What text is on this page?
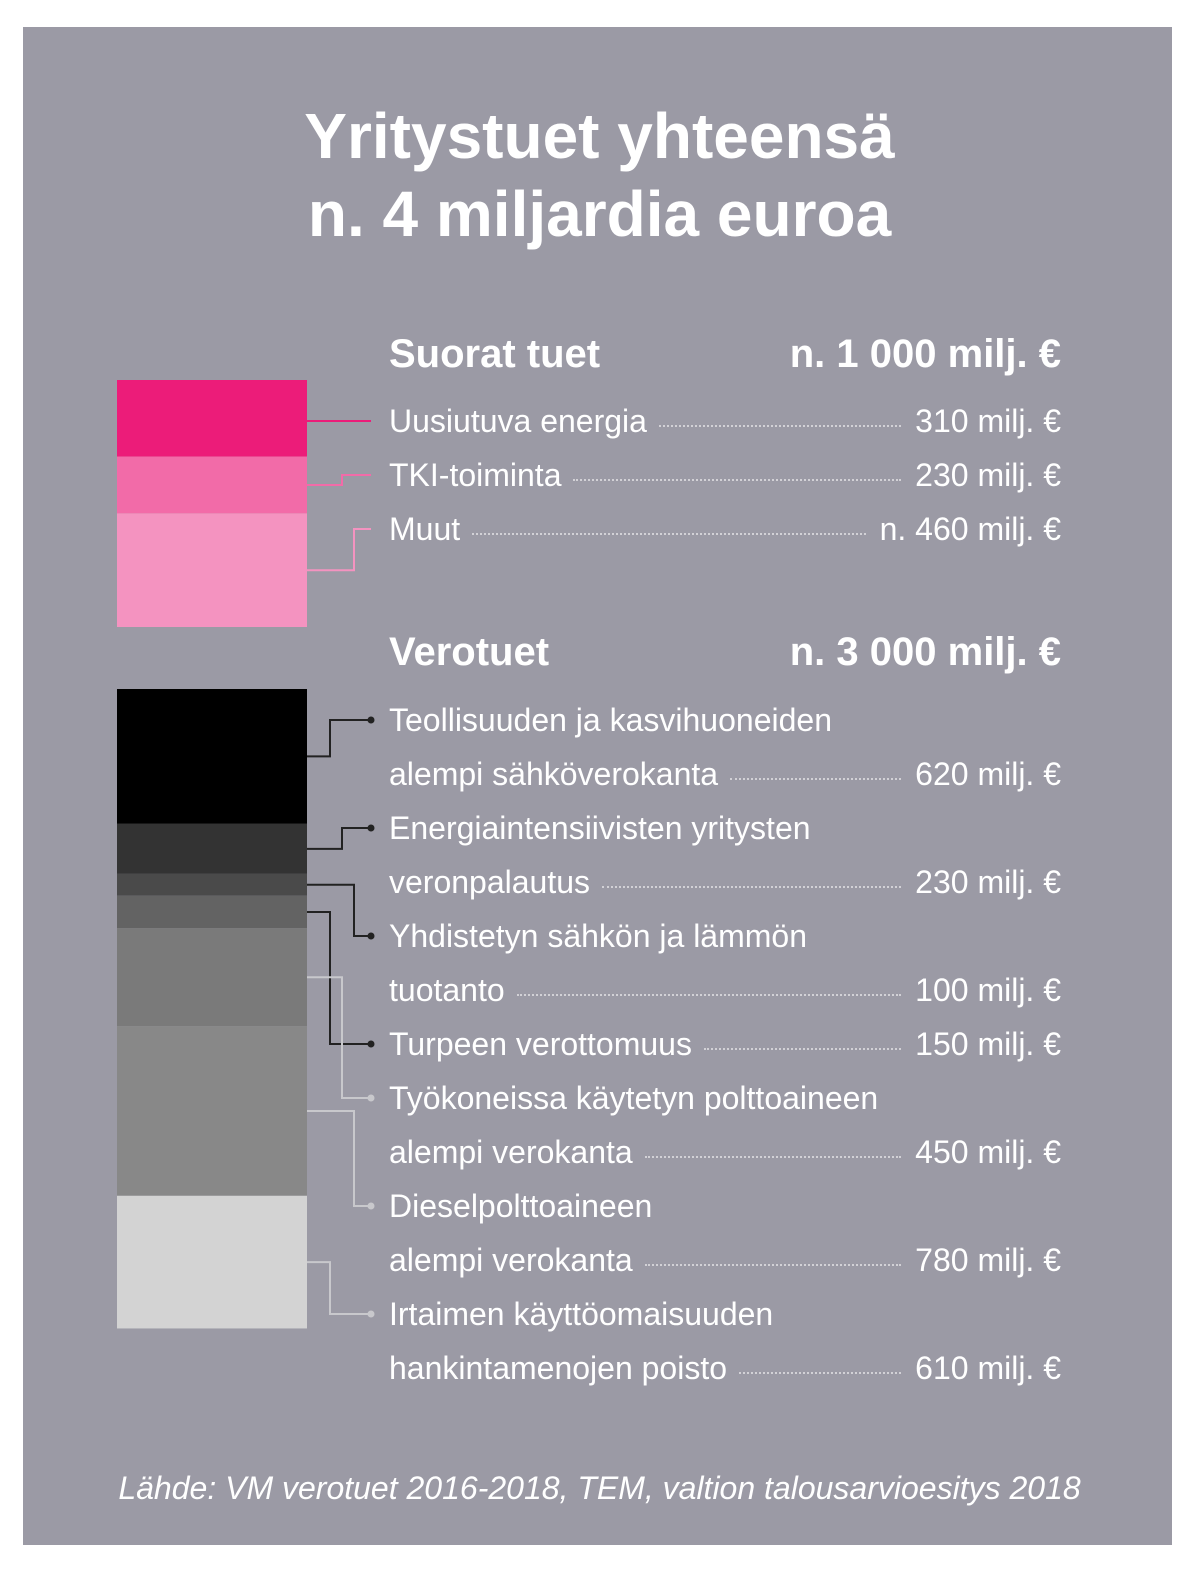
Yritystuet yhteensä
n. 4 miljardia euroa
Suorat tuet	n. 1 000 milj. €
Verotuet	n. 3 000 milj. €
Uusiutuva energia	310 milj. €
TKI-toiminta	230 milj. €
Muut	n. 460 milj. €
Teollisuuden ja kasvihuoneiden
alempi sähköverokanta	620 milj. €
Energiaintensiivisten yritysten
veronpalautus	230 milj. €
Yhdistetyn sähkön ja lämmön
tuotanto	100 milj. €
Turpeen verottomuus	150 milj. €
Työkoneissa käytetyn polttoaineen
alempi verokanta	450 milj. €
Dieselpolttoaineen
alempi verokanta	780 milj. €
Irtaimen käyttöomaisuuden
hankintamenojen poisto	610 milj. €
Lähde: VM verotuet 2016-2018, TEM, valtion talousarvioesitys 2018
